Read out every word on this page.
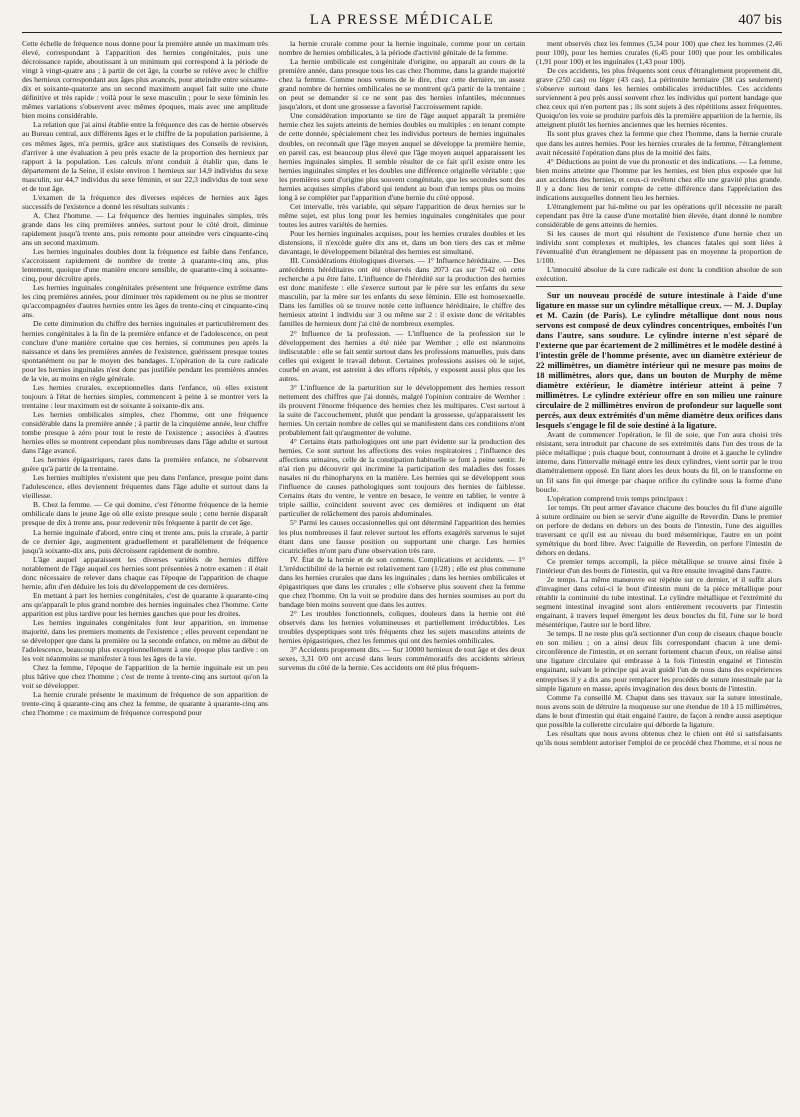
LA PRESSE MÉDICALE	407 bis

Cette échelle de fréquence nous donne pour la première année un maximum très élevé, correspondant à l'apparition des hernies congénitales, puis une décroissance rapide, aboutissant à un minimum qui correspond à la période de vingt à vingt-quatre ans ; à partir de cet âge, la courbe se relève avec le chiffre des hernieux correspondant aux âges plus avancés, pour atteindre entre soixante-dix et soixante-quatorze ans un second maximum auquel fait suite une chute définitive et très rapide : voilà pour le sexe masculin ; pour le sexe féminin les mêmes variations s'observent avec mêmes époques, mais avec une amplitude bien moins considérable.

La relation que j'ai ainsi établie entre la fréquence des cas de hernie observés au Bureau central, aux différents âges et le chiffre de la population parisienne, à ces mêmes âges, m'a permis, grâce aux statistiques des Conseils de revision, d'arriver à une évaluation à peu près exacte de la proportion des hernieux par rapport à la population. Les calculs m'ont conduit à établir que, dans le département de la Seine, il existe environ 1 hernieux sur 14,9 individus du sexe masculin, sur 44,7 individus du sexe féminin, et sur 22,3 individus de tout sexe et de tout âge.

L'examen de la fréquence des diverses espèces de hernies aux âges successifs de l'existence a donné les résultats suivants :

A. Chez l'homme. — La fréquence des hernies inguinales simples, très grande dans les cinq premières années, surtout pour le côté droit, diminue rapidement jusqu'à trente ans, puis remonte pour atteindre vers cinquante-cinq ans un second maximum.

Les hernies inguinales doubles dont la fréquence est faible dans l'enfance, s'accroissent rapidement de nombre de trente à quarante-cinq ans, plus lentement, quoique d'une manière encore sensible, de quarante-cinq à soixante-cinq, pour décroître après.

Les hernies inguinales congénitales présentent une fréquence extrême dans les cinq premières années, pour diminuer très rapidement ou ne plus se montrer qu'accompagnées d'autres hernies entre les âges de trente-cinq et cinquante-cinq ans.

De cette diminution du chiffre des hernies inguinales et particulièrement des hernies congénitales à la fin de la première enfance et de l'adolescence, on peut conclure d'une manière certaine que ces hernies, si communes peu après la naissance et dans les premières années de l'existence, guérissent presque toutes spontanément ou par le moyen des bandages. L'opération de la cure radicale pour les hernies inguinales n'est donc pas justifiée pendant les premières années de la vie, au moins en règle générale.

Les hernies crurales, exceptionnelles dans l'enfance, où elles existent toujours à l'état de hernies simples, commencent à peine à se montrer vers la trentaine : leur maximum est de soixante à soixante-dix ans.

Les hernies ombilicales simples, chez l'homme, ont une fréquence considérable dans la première année ; à partir de la cinquième année, leur chiffre tombe presque à zéro pour tout le reste de l'existence ; associées à d'autres hernies elles se montrent cependant plus nombreuses dans l'âge adulte et surtout dans l'âge avancé.

Les hernies épigastriques, rares dans la première enfance, ne s'observent guère qu'à partir de la trentaine.

Les hernies multiples n'existent que peu dans l'enfance, presque point dans l'adolescence, elles deviennent fréquentes dans l'âge adulte et surtout dans la vieillesse.

B. Chez la femme. — Ce qui domine, c'est l'énorme fréquence de la hernie ombilicale dans le jeune âge où elle existe presque seule ; cette hernie disparaît presque de dix à trente ans, pour redevenir très fréquente à partir de cet âge.

La hernie inguinale d'abord, entre cinq et trente ans, puis la crurale, à partir de ce dernier âge, augmentent graduellement et parallèlement de fréquence jusqu'à soixante-dix ans, puis décroissent rapidement de nombre.

L'âge auquel apparaissent les diverses variétés de hernies diffère notablement de l'âge auquel ces hernies sont présentées à notre examen : il était donc nécessaire de relever dans chaque cas l'époque de l'apparition de chaque hernie, afin d'en déduire les lois du développement de ces dernières.

En mettant à part les hernies congénitales, c'est de quarante à quarante-cinq ans qu'apparaît le plus grand nombre des hernies inguinales chez l'homme. Cette apparition est plus tardive pour les hernies gauches que pour les droites.

Les hernies inguinales congénitales font leur apparition, en immense majorité, dans les premiers moments de l'existence ; elles peuvent cependant ne se développer que dans la première ou la seconde enfance, ou même au début de l'adolescence, beaucoup plus exceptionnellement à une époque plus tardive : on les voit néanmoins se manifester à tous les âges de la vie.

Chez la femme, l'époque de l'apparition de la hernie inguinale est un peu plus hâtive que chez l'homme ; c'est de trente à trente-cinq ans surtout qu'on la voit se développer.

La hernie crurale présente le maximum de fréquence de son apparition de trente-cinq à quarante-cinq ans chez la femme, de quarante à quarante-cinq ans chez l'homme : ce maximum de fréquence correspond pour

la hernie crurale comme pour la hernie inguinale, comme pour un certain nombre de hernies ombilicales, à la période d'activité génitale de la femme.

La hernie ombilicale est congénitale d'origine, ou apparaît au cours de la première année, dans presque tous les cas chez l'homme, dans la grande majorité chez la femme. Comme nous venons de le dire, chez cette dernière, un assez grand nombre de hernies ombilicales ne se montrent qu'à partir de la trentaine ; on peut se demander si ce ne sont pas des hernies infantiles, méconnues jusqu'alors, et dont une grossesse a favorisé l'accroissement rapide.

Une considération importante se tire de l'âge auquel apparaît la première hernie chez les sujets atteints de hernies doubles ou multiples : en tenant compte de cette donnée, spécialement chez les individus porteurs de hernies inguinales doubles, on reconnaît que l'âge moyen auquel se développe la première hernie, en pareil cas, est beaucoup plus élevé que l'âge moyen auquel apparaissent les hernies inguinales simples. Il semble résulter de ce fait qu'il existe entre les hernies inguinales simples et les doubles une différence originelle véritable ; que les premières sont d'origine plus souvent congénitale, que les secondes sont des hernies acquises simples d'abord qui tendent au bout d'un temps plus ou moins long à se compléter par l'apparition d'une hernie du côté opposé.

Cet intervalle, très variable, qui sépare l'apparition de deux hernies sur le même sujet, est plus long pour les hernies inguinales congénitales que pour toutes les autres variétés de hernies.

Pour les hernies inguinales acquises, pour les hernies crurales doubles et les distensions, il n'excède guère dix ans et, dans un bon tiers des cas et même davantage, le développement bilatéral des hernies est simultané.

III. Considérations étiologiques diverses. — 1° Influence héréditaire. — Des antécédents héréditaires ont été observés dans 2073 cas sur 7542 où cette recherche a pu être faite. L'influence de l'hérédité sur la production des hernies est donc manifeste : elle s'exerce surtout par le père sur les enfants du sexe masculin, par la mère sur les enfants du sexe féminin. Elle est homosexuelle. Dans les familles où se trouve notée cette influence héréditaire, le chiffre des hernieux atteint 1 individu sur 3 ou même sur 2 : il existe donc de véritables familles de hernieux dont j'ai cité de nombreux exemples.

2° Influence de la profession. — L'influence de la profession sur le développement des hernies a été niée par Wernher ; elle est néanmoins indiscutable : elle se fait sentir surtout dans les professions manuelles, puis dans celles qui exigent le travail debout. Certaines professions assises où le sujet, courbé en avant, est astreint à des efforts répétés, y exposent aussi plus que les autres.

3° L'influence de la parturition sur le développement des hernies ressort nettement des chiffres que j'ai donnés, malgré l'opinion contraire de Wernher : ils prouvent l'énorme fréquence des hernies chez les multipares. C'est surtout à la suite de l'accouchement, plutôt que pendant la grossesse, qu'apparaissent les hernies. Un certain nombre de celles qui se manifestent dans ces conditions n'ont probablement fait qu'augmenter de volume.

4° Certains états pathologiques ont une part évidente sur la production des hernies. Ce sont surtout les affections des voies respiratoires ; l'influence des affections urinaires, celle de la constipation habituelle se font à peine sentir. Je n'ai rien pu découvrir qui incrimine la participation des maladies des fosses nasales ni du rhinopharynx en la matière. Les hernies qui se développent sous l'influence de causes pathologiques sont toujours des hernies de faiblesse. Certains états du ventre, le ventre en besace, le ventre en tablier, le ventre à triple saillie, coïncident souvent avec ces dernières et indiquent un état particulier de relâchement des parois abdominales.

5° Parmi les causes occasionnelles qui ont déterminé l'apparition des hernies les plus nombreuses il faut relever surtout les efforts exagérés survenus le sujet étant dans une fausse position ou supportant une charge. Les hernies cicatricielles m'ont paru d'une observation très rare.

IV. État de la hernie et de son contenu. Complications et accidents. — 1° L'irréductibilité de la hernie est relativement rare (1/28) ; elle est plus commune dans les hernies crurales que dans les inguinales ; dans les hernies ombilicales et épigastriques que dans les crurales ; elle s'observe plus souvent chez la femme que chez l'homme. On la voit se produire dans des hernies soumises au port du bandage bien moins souvent que dans les autres.

2° Les troubles fonctionnels, coliques, douleurs dans la hernie ont été observés dans les hernies volumineuses et partiellement irréductibles. Les troubles dyspeptiques sont très fréquents chez les sujets masculins atteints de hernies épigastriques, chez les femmes qui ont des hernies ombilicales.

3° Accidents proprement dits. — Sur 10000 hernieux de tout âge et des deux sexes, 3,31 0/0 ont accusé dans leurs commémoratifs des accidents sérieux survenus du côté de la hernie. Ces accidents ont été plus fréquem-

ment observés chez les femmes (5,34 pour 100) que chez les hommes (2,46 pour 100), pour les hernies crurales (6,45 pour 100) que pour les ombilicales (1,91 pour 100) et les inguinales (1,43 pour 100).

De ces accidents, les plus fréquents sont ceux d'étranglement proprement dit, grave (250 cas) ou léger (43 cas). La péritonite herniaire (38 cas seulement) s'observe surtout dans les hernies ombilicales irréductibles. Ces accidents surviennent à peu près aussi souvent chez les individus qui portent bandage que chez ceux qui n'en portent pas ; ils sont sujets à des répétitions assez fréquentes. Quoiqu'on les voie se produire parfois dès la première apparition de la hernie, ils atteignent plutôt les hernies anciennes que les hernies récentes.

Ils sont plus graves chez la femme que chez l'homme, dans la hernie crurale que dans les autres hernies. Pour les hernies crurales de la femme, l'étranglement avait nécessité l'opération dans plus de la moitié des faits.

4° Déductions au point de vue du pronostic et des indications. — La femme, bien moins atteinte que l'homme par les hernies, est bien plus exposée que lui aux accidents des hernies, et ceux-ci revêtent chez elle une gravité plus grande. Il y a donc lieu de tenir compte de cette différence dans l'appréciation des indications auxquelles donnent lieu les hernies.

L'étranglement par lui-même ou par les opérations qu'il nécessite ne paraît cependant pas être la cause d'une mortalité bien élevée, étant donné le nombre considérable de gens atteints de hernies.

Si les causes de mort qui résultent de l'existence d'une hernie chez un individu sont complexes et multiples, les chances fatales qui sont liées à l'éventualité d'un étranglement ne dépassent pas en moyenne la proportion de 1/100.

L'innocuité absolue de la cure radicale est donc la condition absolue de son exécution.

Sur un nouveau procédé de suture intestinale à l'aide d'une ligature en masse sur un cylindre métallique creux. — M. J. Duplay et M. Cazin (de Paris). Le cylindre métallique dont nous nous servons est composé de deux cylindres concentriques, emboîtés l'un dans l'autre, sans soudure. Le cylindre interne n'est séparé de l'externe que par écartement de 2 millimètres et le modèle destiné à l'intestin grêle de l'homme présente, avec un diamètre extérieur de 22 millimètres, un diamètre intérieur qui ne mesure pas moins de 18 millimètres, alors que, dans un bouton de Murphy de même diamètre extérieur, le diamètre intérieur atteint à peine 7 millimètres. Le cylindre extérieur offre en son milieu une rainure circulaire de 2 millimètres environ de profondeur sur laquelle sont percés, aux deux extrémités d'un même diamètre deux orifices dans lesquels s'engage le fil de soie destiné à la ligature.

Avant de commencer l'opération, le fil de soie, que l'on aura choisi très résistant, sera introduit par chacune de ses extrémités dans l'un des trous de la pièce métallique ; puis chaque bout, contournant à droite et à gauche le cylindre interne, dans l'intervalle ménagé entre les deux cylindres, vient sortir par le trou diamétralement opposé. En liant alors les deux bouts du fil, on le transforme en un fil sans fin qui émerge par chaque orifice du cylindre sous la forme d'une boucle.

L'opération comprend trois temps principaux :

1er temps. On peut armer d'avance chacune des boucles du fil d'une aiguille à suture ordinaire ou bien se servir d'une aiguille de Reverdin. Dans le premier on perfore de dedans en dehors un des bouts de l'intestin, l'une des aiguilles traversant ce qu'il est au niveau du bord mésentérique, l'autre en un point symétrique du bord libre. Avec l'aiguille de Reverdin, on perfore l'intestin de dehors en dedans.

Ce premier temps accompli, la pièce métallique se trouve ainsi fixée à l'intérieur d'un des bouts de l'intestin, qui va être ensuite invaginé dans l'autre.

2e temps. La même manœuvre est répétée sur ce dernier, et il suffit alors d'invaginer dans celui-ci le bout d'intestin muni de la pièce métallique pour rétablir la continuité du tube intestinal. Le cylindre métallique et l'extrémité du segment intestinal invaginé sont alors entièrement recouverts par l'intestin engainant, à travers lequel émergent les deux boucles du fil, l'une sur le bord mésentérique, l'autre sur le bord libre.

3e temps. Il ne reste plus qu'à sectionner d'un coup de ciseaux chaque boucle en son milieu ; on a ainsi deux fils correspondant chacun à une demi-circonférence de l'intestin, et en serrant fortement chacun d'eux, on réalise ainsi une ligature circulaire qui embrasse à la fois l'intestin engainé et l'intestin engainant, suivant le principe qui avait guidé l'un de nous dans des expériences entreprises il y a dix ans pour remplacer les procédés de suture intestinale par la simple ligature en masse, après invagination des deux bouts de l'intestin.

Comme l'a conseillé M. Chaput dans ses travaux sur la suture intestinale, nous avons soin de détruire la muqueuse sur une étendue de 10 à 15 millimètres, dans le bout d'intestin qui était engainé l'autre, de façon à rendre aussi aseptique que possible la collerette circulaire qui déborde la ligature.

Les résultats que nous avons obtenus chez le chien ont été si satisfaisants qu'ils nous semblent autoriser l'emploi de ce procédé chez l'homme, et si nous ne
